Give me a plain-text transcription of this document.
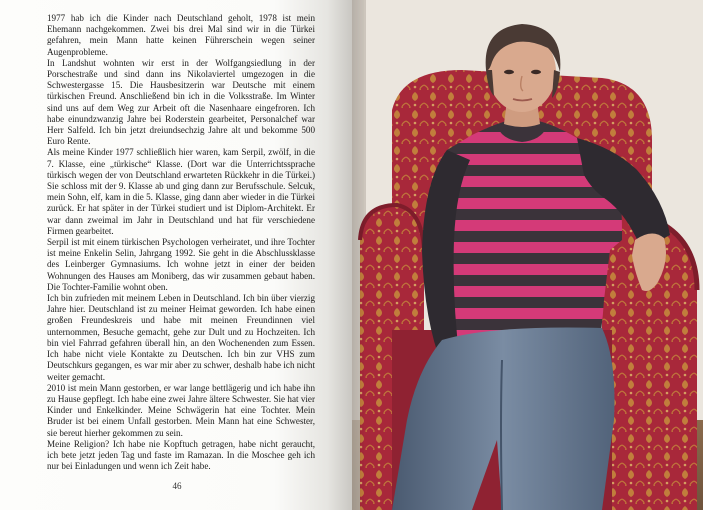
1977 hab ich die Kinder nach Deutschland geholt, 1978 ist mein Ehemann nachgekommen. Zwei bis drei Mal sind wir in die Türkei gefahren, mein Mann hatte keinen Führerschein wegen seiner Augenprobleme.

In Landshut wohnten wir erst in der Wolfgangsiedlung in der Porschestraße und sind dann ins Nikolaviertel umgezogen in die Schwestergasse 15. Die Hausbesitzerin war Deutsche mit einem türkischen Freund. Anschließend bin ich in die Volksstraße. Im Winter sind uns auf dem Weg zur Arbeit oft die Nasenhaare eingefroren. Ich habe einundzwanzig Jahre bei Roderstein gearbeitet, Personalchef war Herr Salfeld. Ich bin jetzt dreiundsechzig Jahre alt und bekomme 500 Euro Rente.

Als meine Kinder 1977 schließlich hier waren, kam Serpil, zwölf, in die 7. Klasse, eine „türkische“ Klasse. (Dort war die Unterrichtssprache türkisch wegen der von Deutschland erwarteten Rückkehr in die Türkei.) Sie schloss mit der 9. Klasse ab und ging dann zur Berufsschule. Selcuk, mein Sohn, elf, kam in die 5. Klasse, ging dann aber wieder in die Türkei zurück. Er hat später in der Türkei studiert und ist Diplom-Architekt. Er war dann zweimal im Jahr in Deutschland und hat für verschiedene Firmen gearbeitet.

Serpil ist mit einem türkischen Psychologen verheiratet, und ihre Tochter ist meine Enkelin Selin, Jahrgang 1992. Sie geht in die Abschlussklasse des Leinberger Gymnasiums. Ich wohne jetzt in einer der beiden Wohnungen des Hauses am Moniberg, das wir zusammen gebaut haben. Die Tochter-Familie wohnt oben.

Ich bin zufrieden mit meinem Leben in Deutschland. Ich bin über vierzig Jahre hier. Deutschland ist zu meiner Heimat geworden. Ich habe einen großen Freundeskreis und habe mit meinen Freundinnen viel unternommen, Besuche gemacht, gehe zur Dult und zu Hochzeiten. Ich bin viel Fahrrad gefahren überall hin, an den Wochenenden zum Essen. Ich habe nicht viele Kontakte zu Deutschen. Ich bin zur VHS zum Deutschkurs gegangen, es war mir aber zu schwer, deshalb habe ich nicht weiter gemacht.

2010 ist mein Mann gestorben, er war lange bettlägerig und ich habe ihn zu Hause gepflegt. Ich habe eine zwei Jahre ältere Schwester. Sie hat vier Kinder und Enkelkinder. Meine Schwägerin hat eine Tochter. Mein Bruder ist bei einem Unfall gestorben. Mein Mann hat eine Schwester, sie bereut hierher gekommen zu sein.

Meine Religion? Ich habe nie Kopftuch getragen, habe nicht geraucht, ich bete jetzt jeden Tag und faste im Ramazan. In die Moschee geh ich nur bei Einladungen und wenn ich Zeit habe.

46
